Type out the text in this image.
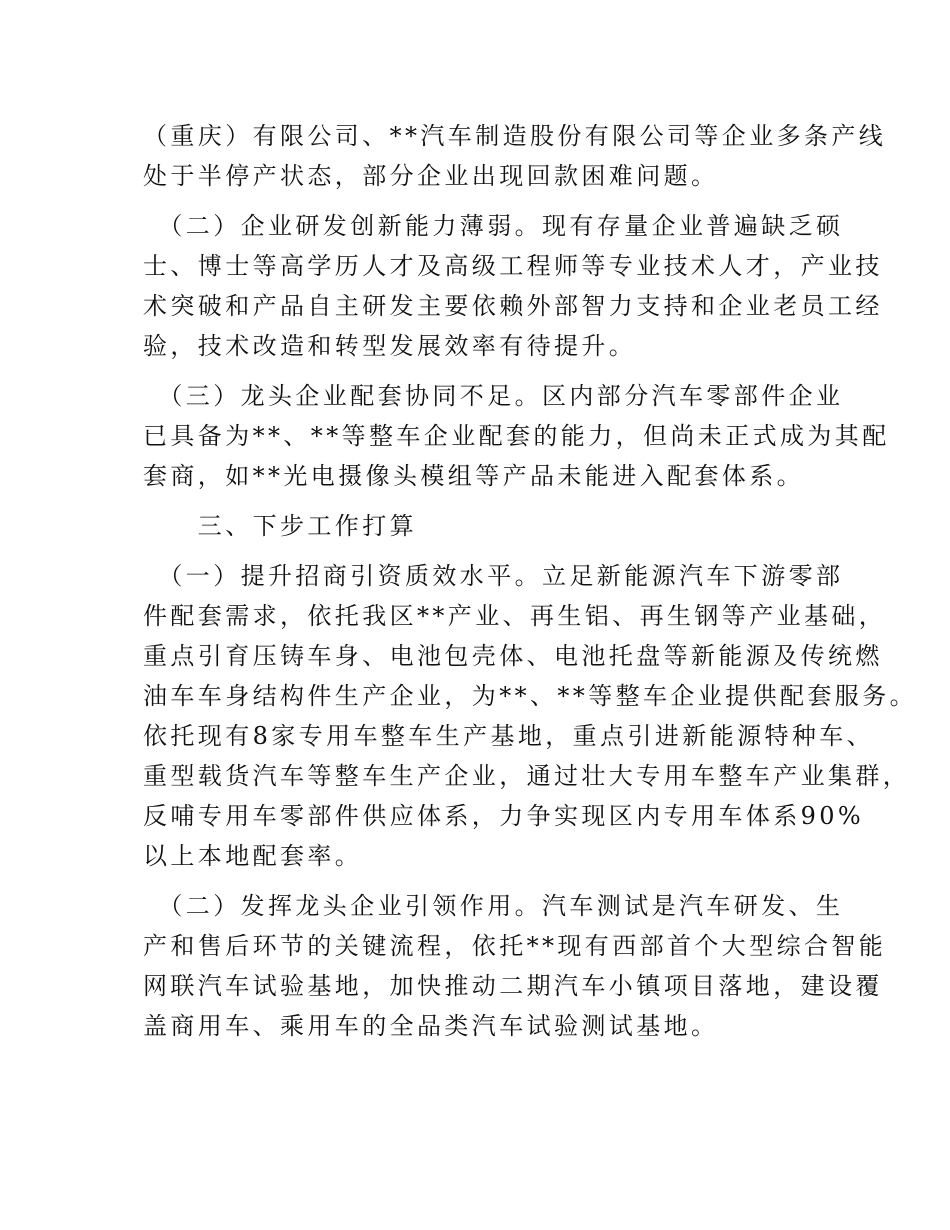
（重庆）有限公司、**汽车制造股份有限公司等企业多条产线
处于半停产状态，部分企业出现回款困难问题。
　（二）企业研发创新能力薄弱。现有存量企业普遍缺乏硕
士、博士等高学历人才及高级工程师等专业技术人才，产业技
术突破和产品自主研发主要依赖外部智力支持和企业老员工经
验，技术改造和转型发展效率有待提升。
　（三）龙头企业配套协同不足。区内部分汽车零部件企业
已具备为**、**等整车企业配套的能力，但尚未正式成为其配
套商，如**光电摄像头模组等产品未能进入配套体系。
　　三、下步工作打算
　（一）提升招商引资质效水平。立足新能源汽车下游零部
件配套需求，依托我区**产业、再生铝、再生钢等产业基础，
重点引育压铸车身、电池包壳体、电池托盘等新能源及传统燃
油车车身结构件生产企业，为**、**等整车企业提供配套服务。
依托现有8家专用车整车生产基地，重点引进新能源特种车、
重型载货汽车等整车生产企业，通过壮大专用车整车产业集群，
反哺专用车零部件供应体系，力争实现区内专用车体系90%
以上本地配套率。
　（二）发挥龙头企业引领作用。汽车测试是汽车研发、生
产和售后环节的关键流程，依托**现有西部首个大型综合智能
网联汽车试验基地，加快推动二期汽车小镇项目落地，建设覆
盖商用车、乘用车的全品类汽车试验测试基地。
